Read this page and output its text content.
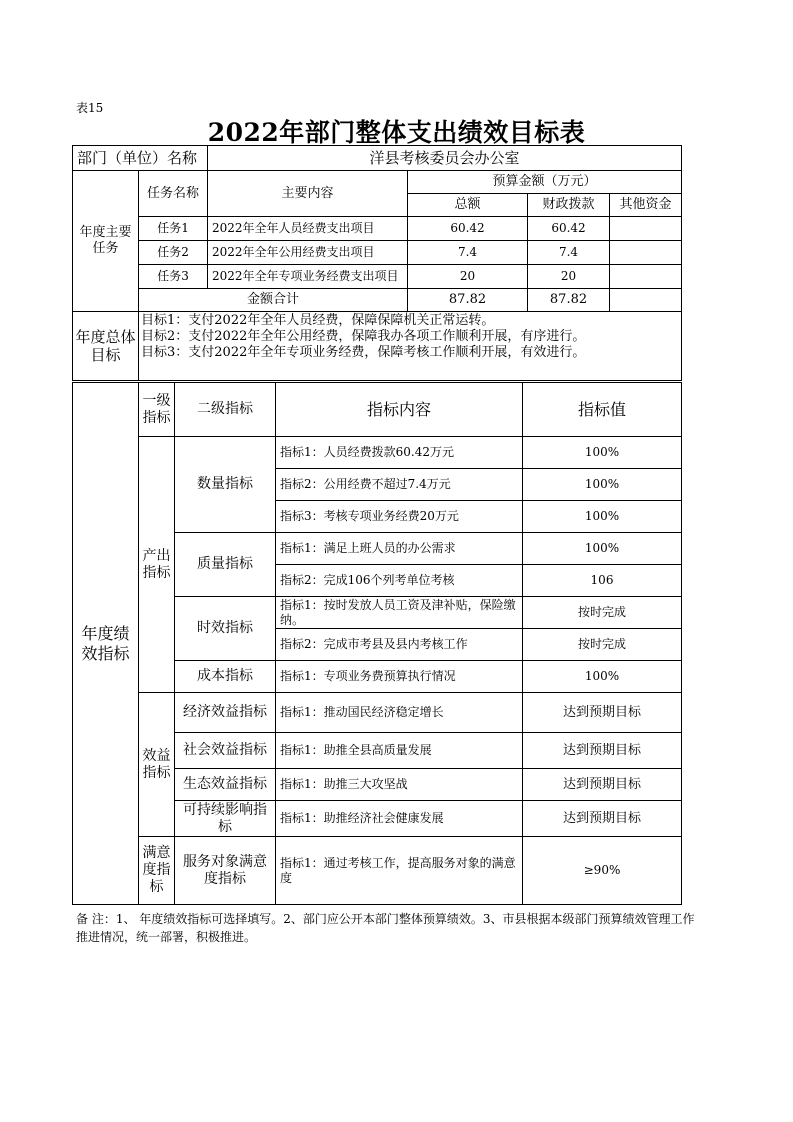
表15
2022年部门整体支出绩效目标表
部门（单位）名称		洋县考核委员会办公室			
年度主要任务	任务名称	主要内容	预算金额（万元）		
			总额	财政拨款	其他资金
	任务1	2022年全年人员经费支出项目	60.42	60.42	
	任务2	2022年全年公用经费支出项目	7.4	7.4	
	任务3	2022年全年专项业务经费支出项目	20	20	
	金额合计		87.82	87.82	
年度总体目标	目标1：支付2022年全年人员经费，保障保障机关正常运转。
目标2：支付2022年全年公用经费，保障我办各项工作顺利开展，有序进行。
目标3：支付2022年全年专项业务经费，保障考核工作顺利开展，有效进行。				
年度绩效指标	一级指标	二级指标	指标内容	指标值
	产出指标	数量指标	指标1：人员经费拨款60.42万元	100%
			指标2：公用经费不超过7.4万元	100%
			指标3：考核专项业务经费20万元	100%
		质量指标	指标1：满足上班人员的办公需求	100%
			指标2：完成106个列考单位考核	106
		时效指标	指标1：按时发放人员工资及津补贴，保险缴纳。	按时完成
			指标2：完成市考县及县内考核工作	按时完成
		成本指标	指标1：专项业务费预算执行情况	100%
	效益指标	经济效益指标	指标1：推动国民经济稳定增长	达到预期目标
		社会效益指标	指标1：助推全县高质量发展	达到预期目标
		生态效益指标	指标1：助推三大攻坚战	达到预期目标
		可持续影响指标	指标1：助推经济社会健康发展	达到预期目标
	满意度指标	服务对象满意度指标	指标1：通过考核工作，提高服务对象的满意度	≥90%
备 注：1、 年度绩效指标可选择填写。2、部门应公开本部门整体预算绩效。3、市县根据本级部门预算绩效管理工作推进情况，统一部署，积极推进。
